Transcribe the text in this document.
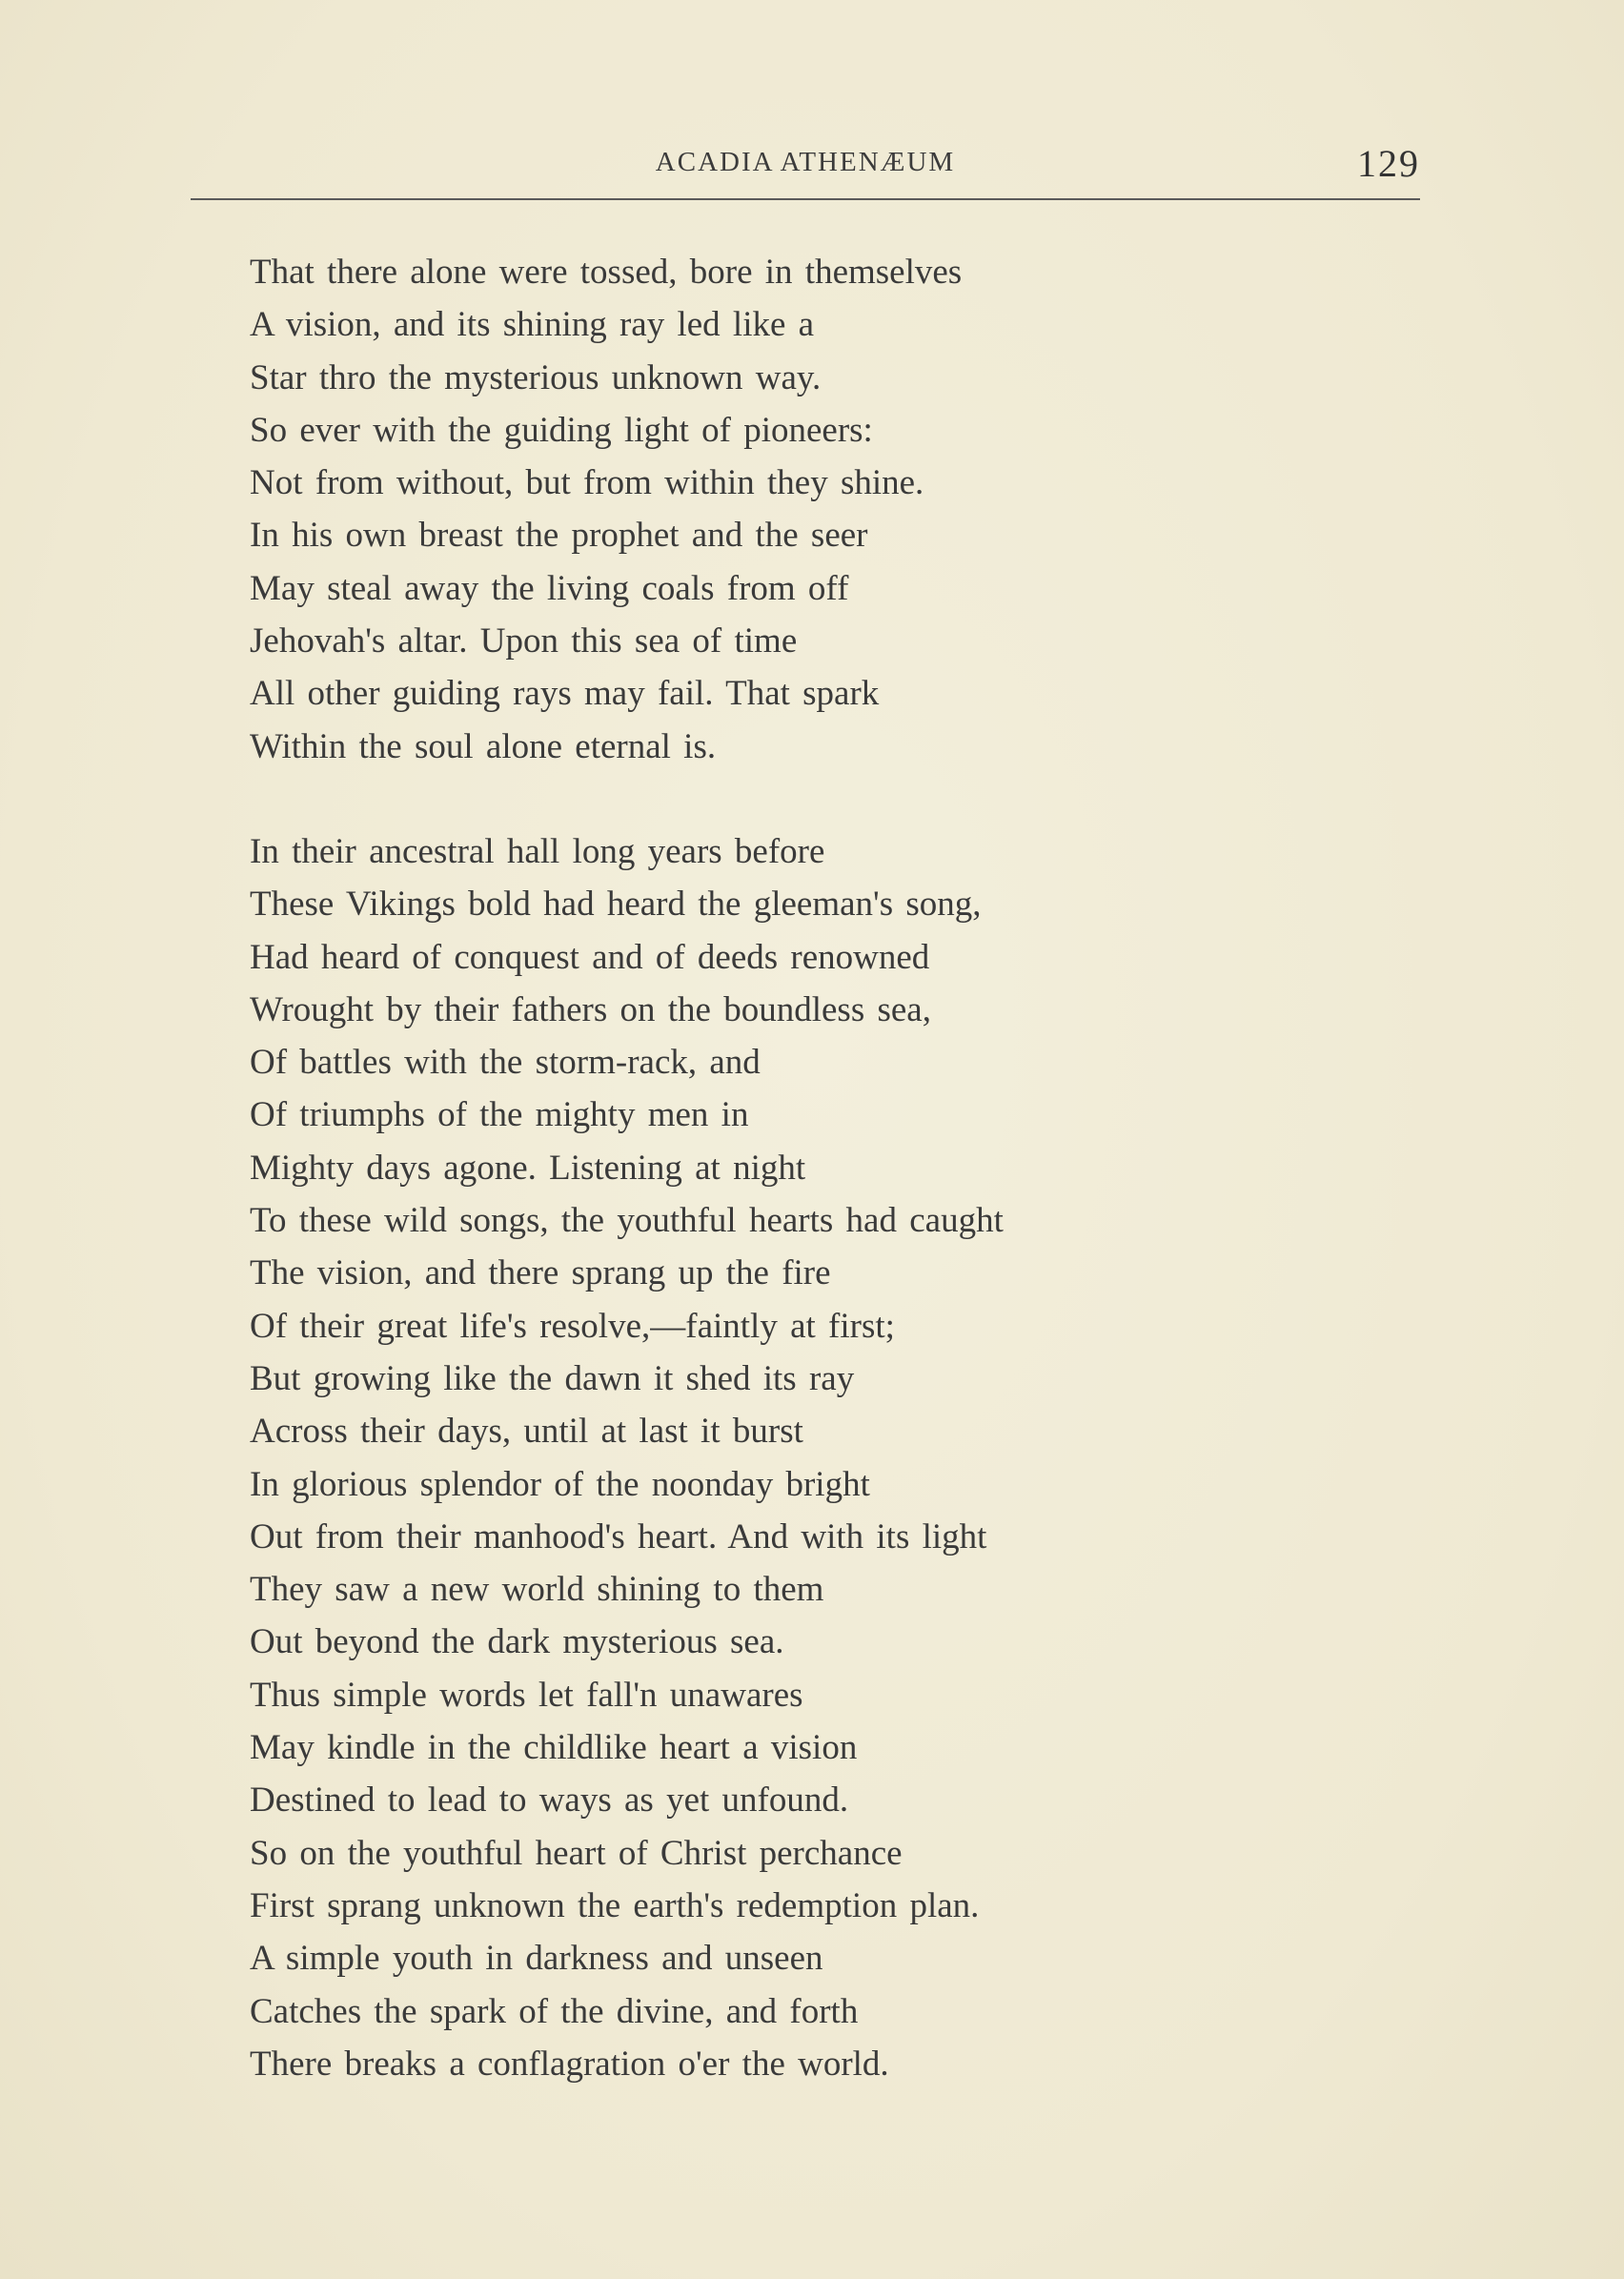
ACADIA ATHENÆUM	129
That there alone were tossed, bore in themselves
A vision, and its shining ray led like a
Star thro the mysterious unknown way.
So ever with the guiding light of pioneers:
Not from without, but from within they shine.
In his own breast the prophet and the seer
May steal away the living coals from off
Jehovah's altar. Upon this sea of time
All other guiding rays may fail. That spark
Within the soul alone eternal is.
In their ancestral hall long years before
These Vikings bold had heard the gleeman's song,
Had heard of conquest and of deeds renowned
Wrought by their fathers on the boundless sea,
Of battles with the storm-rack, and
Of triumphs of the mighty men in
Mighty days agone. Listening at night
To these wild songs, the youthful hearts had caught
The vision, and there sprang up the fire
Of their great life's resolve,—faintly at first;
But growing like the dawn it shed its ray
Across their days, until at last it burst
In glorious splendor of the noonday bright
Out from their manhood's heart. And with its light
They saw a new world shining to them
Out beyond the dark mysterious sea.
Thus simple words let fall'n unawares
May kindle in the childlike heart a vision
Destined to lead to ways as yet unfound.
So on the youthful heart of Christ perchance
First sprang unknown the earth's redemption plan.
A simple youth in darkness and unseen
Catches the spark of the divine, and forth
There breaks a conflagration o'er the world.
